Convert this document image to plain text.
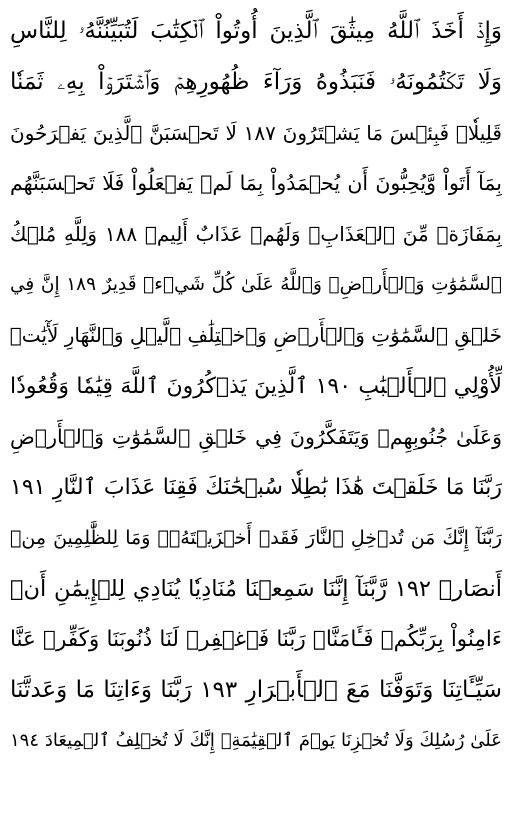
وَإِذۡ أَخَذَ ٱللَّهُ مِيثَٰقَ ٱلَّذِينَ أُوتُواْ ٱلۡكِتَٰبَ لَتُبَيِّنُنَّهُۥ لِلنَّاسِ
وَلَا تَكۡتُمُونَهُۥ فَنَبَذُوهُ وَرَآءَ ظُهُورِهِمۡ وَٱشۡتَرَوۡاْ بِهِۦ ثَمَنٗا
قَلِيلٗاۖ فَبِئۡسَ مَا يَشۡتَرُونَ ١٨٧ لَا تَحۡسَبَنَّ ٱلَّذِينَ يَفۡرَحُونَ
بِمَآ أَتَواْ وَّيُحِبُّونَ أَن يُحۡمَدُواْ بِمَا لَمۡ يَفۡعَلُواْ فَلَا تَحۡسَبَنَّهُم
بِمَفَازَةٖ مِّنَ ٱلۡعَذَابِۖ وَلَهُمۡ عَذَابٌ أَلِيمٞ ١٨٨ وَلِلَّهِ مُلۡكُ
ٱلسَّمَٰوَٰتِ وَٱلۡأَرۡضِۗ وَٱللَّهُ عَلَىٰ كُلِّ شَيۡءٖ قَدِيرٌ ١٨٩ إِنَّ فِي
خَلۡقِ ٱلسَّمَٰوَٰتِ وَٱلۡأَرۡضِ وَٱخۡتِلَٰفِ ٱلَّيۡلِ وَٱلنَّهَارِ لَأٓيَٰتٖ
لِّأُوْلِي ٱلۡأَلۡبَٰبِ ١٩٠ ٱلَّذِينَ يَذۡكُرُونَ ٱللَّهَ قِيَٰمٗا وَقُعُودٗا
وَعَلَىٰ جُنُوبِهِمۡ وَيَتَفَكَّرُونَ فِي خَلۡقِ ٱلسَّمَٰوَٰتِ وَٱلۡأَرۡضِ
رَبَّنَا مَا خَلَقۡتَ هَٰذَا بَٰطِلٗا سُبۡحَٰنَكَ فَقِنَا عَذَابَ ٱلنَّارِ ١٩١
رَبَّنَآ إِنَّكَ مَن تُدۡخِلِ ٱلنَّارَ فَقَدۡ أَخۡزَيۡتَهُۥۖ وَمَا لِلظَّٰلِمِينَ مِنۡ
أَنصَارٖ ١٩٢ رَّبَّنَآ إِنَّنَا سَمِعۡنَا مُنَادِيٗا يُنَادِي لِلۡإِيمَٰنِ أَنۡ
ءَامِنُواْ بِرَبِّكُمۡ فَـَٔامَنَّاۚ رَبَّنَا فَٱغۡفِرۡ لَنَا ذُنُوبَنَا وَكَفِّرۡ عَنَّا
سَيِّـَٔاتِنَا وَتَوَفَّنَا مَعَ ٱلۡأَبۡرَارِ ١٩٣ رَبَّنَا وَءَاتِنَا مَا وَعَدتَّنَا
عَلَىٰ رُسُلِكَ وَلَا تُخۡزِنَا يَوۡمَ ٱلۡقِيَٰمَةِۖ إِنَّكَ لَا تُخۡلِفُ ٱلۡمِيعَادَ ١٩٤
